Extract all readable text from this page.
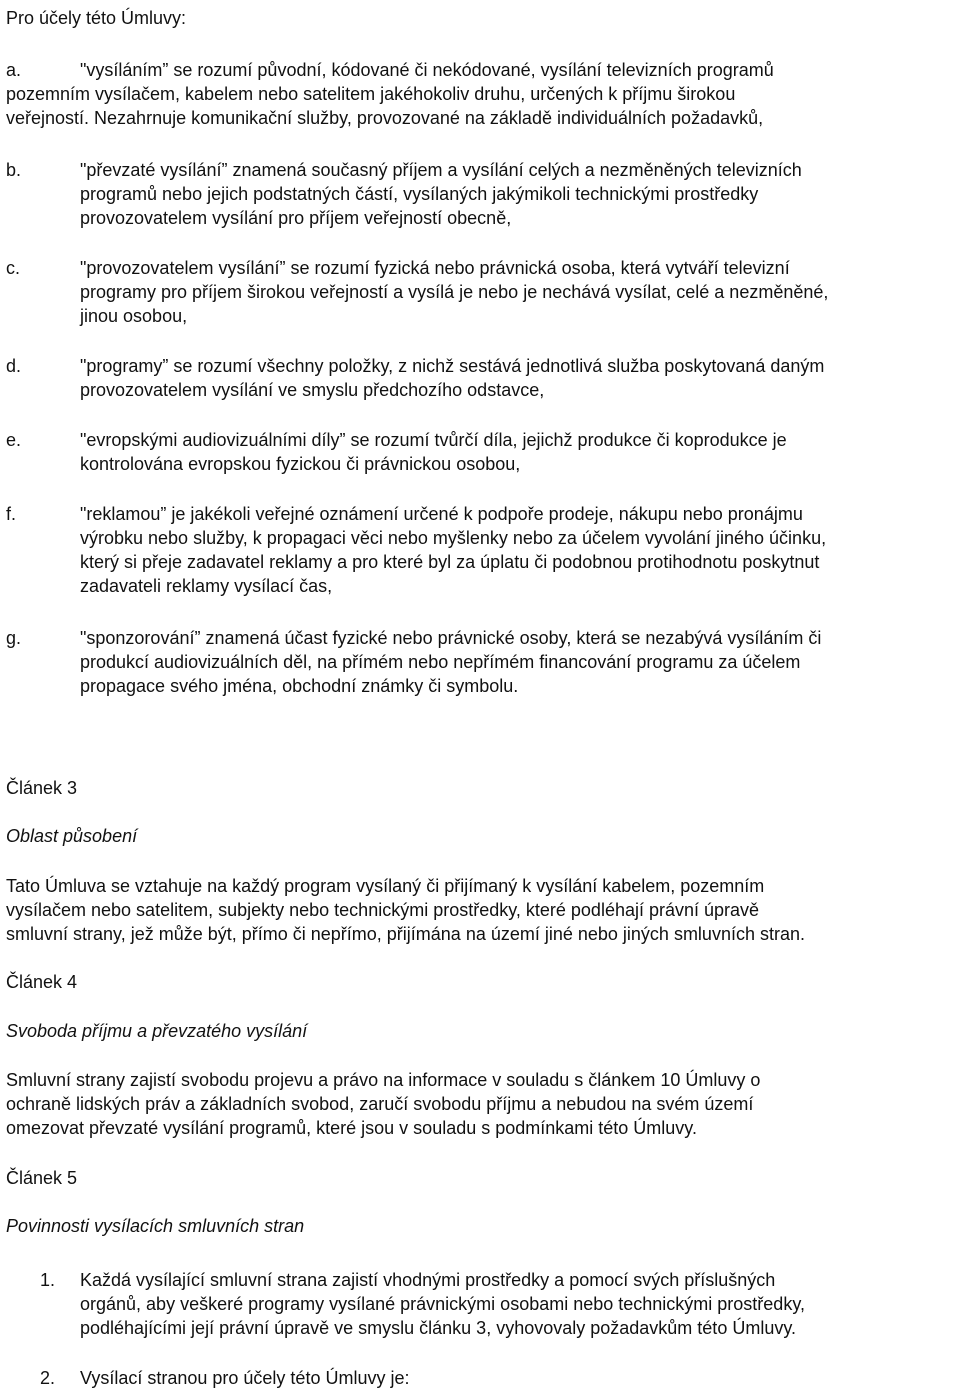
Pro účely této Úmluvy:
a.	"vysíláním” se rozumí původní, kódované či nekódované, vysílání televizních programů
pozemním vysílačem, kabelem nebo satelitem jakéhokoliv druhu, určených k příjmu širokou
veřejností. Nezahrnuje komunikační služby, provozované na základě individuálních požadavků,
b.	"převzaté vysílání” znamená současný příjem a vysílání celých a nezměněných televizních
programů nebo jejich podstatných částí, vysílaných jakýmikoli technickými prostředky
provozovatelem vysílání pro příjem veřejností obecně,
c.	"provozovatelem vysílání” se rozumí fyzická nebo právnická osoba, která vytváří televizní
programy pro příjem širokou veřejností a vysílá je nebo je nechává vysílat, celé a nezměněné,
jinou osobou,
d.	"programy” se rozumí všechny položky, z nichž sestává jednotlivá služba poskytovaná daným
provozovatelem vysílání ve smyslu předchozího odstavce,
e.	"evropskými audiovizuálními díly” se rozumí tvůrčí díla, jejichž produkce či koprodukce je
kontrolována evropskou fyzickou či právnickou osobou,
f.	"reklamou” je jakékoli veřejné oznámení určené k podpoře prodeje, nákupu nebo pronájmu
výrobku nebo služby, k propagaci věci nebo myšlenky nebo za účelem vyvolání jiného účinku,
který si přeje zadavatel reklamy a pro které byl za úplatu či podobnou protihodnotu poskytnut
zadavateli reklamy vysílací čas,
g.	"sponzorování” znamená účast fyzické nebo právnické osoby, která se nezabývá vysíláním či
produkcí audiovizuálních děl, na přímém nebo nepřímém financování programu za účelem
propagace svého jména, obchodní známky či symbolu.
Článek 3
Oblast působení
Tato Úmluva se vztahuje na každý program vysílaný či přijímaný k vysílání kabelem, pozemním
vysílačem nebo satelitem, subjekty nebo technickými prostředky, které podléhají právní úpravě
smluvní strany, jež může být, přímo či nepřímo, přijímána na území jiné nebo jiných smluvních stran.
Článek 4
Svoboda příjmu a převzatého vysílání
Smluvní strany zajistí svobodu projevu a právo na informace v souladu s článkem 10 Úmluvy o
ochraně lidských práv a základních svobod, zaručí svobodu příjmu a nebudou na svém území
omezovat převzaté vysílání programů, které jsou v souladu s podmínkami této Úmluvy.
Článek 5
Povinnosti vysílacích smluvních stran
1. Každá vysílající smluvní strana zajistí vhodnými prostředky a pomocí svých příslušných
orgánů, aby veškeré programy vysílané právnickými osobami nebo technickými prostředky,
podléhajícími její právní úpravě ve smyslu článku 3, vyhovovaly požadavkům této Úmluvy.
2. Vysílací stranou pro účely této Úmluvy je:
